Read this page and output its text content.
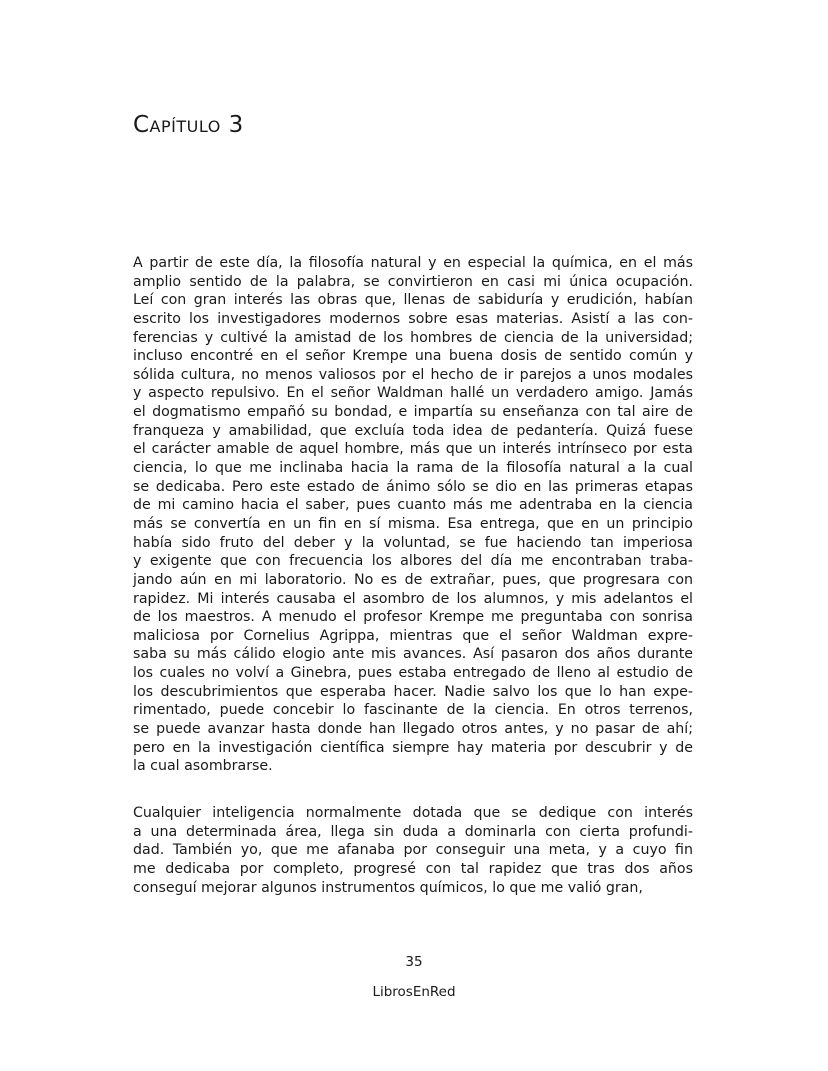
Capítulo 3
A partir de este día, la filosofía natural y en especial la química, en el más
amplio sentido de la palabra, se convirtieron en casi mi única ocupación.
Leí con gran interés las obras que, llenas de sabiduría y erudición, habían
escrito los investigadores modernos sobre esas materias. Asistí a las con-
ferencias y cultivé la amistad de los hombres de ciencia de la universidad;
incluso encontré en el señor Krempe una buena dosis de sentido común y
sólida cultura, no menos valiosos por el hecho de ir parejos a unos modales
y aspecto repulsivo. En el señor Waldman hallé un verdadero amigo. Jamás
el dogmatismo empañó su bondad, e impartía su enseñanza con tal aire de
franqueza y amabilidad, que excluía toda idea de pedantería. Quizá fuese
el carácter amable de aquel hombre, más que un interés intrínseco por esta
ciencia, lo que me inclinaba hacia la rama de la filosofía natural a la cual
se dedicaba. Pero este estado de ánimo sólo se dio en las primeras etapas
de mi camino hacia el saber, pues cuanto más me adentraba en la ciencia
más se convertía en un fin en sí misma. Esa entrega, que en un principio
había sido fruto del deber y la voluntad, se fue haciendo tan imperiosa
y exigente que con frecuencia los albores del día me encontraban traba-
jando aún en mi laboratorio. No es de extrañar, pues, que progresara con
rapidez. Mi interés causaba el asombro de los alumnos, y mis adelantos el
de los maestros. A menudo el profesor Krempe me preguntaba con sonrisa
maliciosa por Cornelius Agrippa, mientras que el señor Waldman expre-
saba su más cálido elogio ante mis avances. Así pasaron dos años durante
los cuales no volví a Ginebra, pues estaba entregado de lleno al estudio de
los descubrimientos que esperaba hacer. Nadie salvo los que lo han expe-
rimentado, puede concebir lo fascinante de la ciencia. En otros terrenos,
se puede avanzar hasta donde han llegado otros antes, y no pasar de ahí;
pero en la investigación científica siempre hay materia por descubrir y de
la cual asombrarse.
Cualquier inteligencia normalmente dotada que se dedique con interés
a una determinada área, llega sin duda a dominarla con cierta profundi-
dad. También yo, que me afanaba por conseguir una meta, y a cuyo fin
me dedicaba por completo, progresé con tal rapidez que tras dos años
conseguí mejorar algunos instrumentos químicos, lo que me valió gran,
35
LibrosEnRed
